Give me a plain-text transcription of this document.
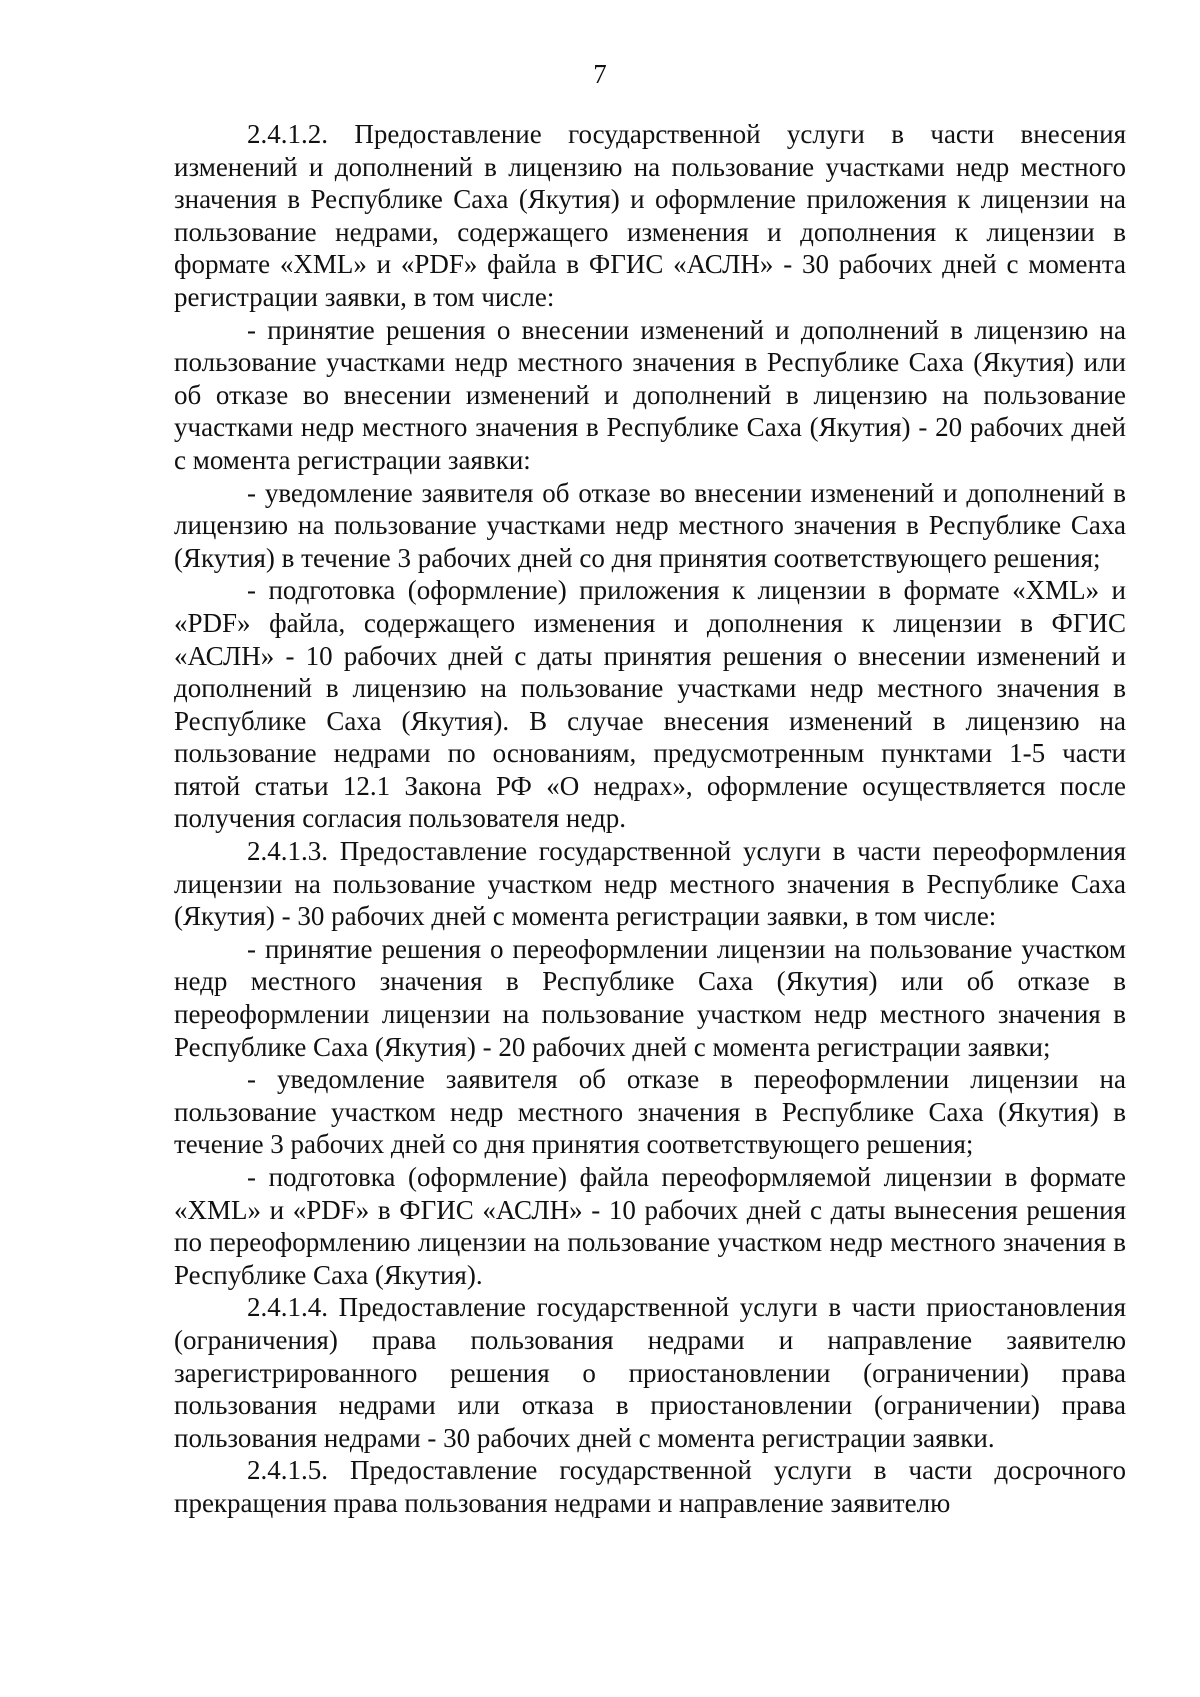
7

2.4.1.2. Предоставление государственной услуги в части внесения изменений и дополнений в лицензию на пользование участками недр местного значения в Республике Саха (Якутия) и оформление приложения к лицензии на пользование недрами, содержащего изменения и дополнения к лицензии в формате «XML» и «PDF» файла в ФГИС «АСЛН» - 30 рабочих дней с момента регистрации заявки, в том числе:

- принятие решения о внесении изменений и дополнений в лицензию на пользование участками недр местного значения в Республике Саха (Якутия) или об отказе во внесении изменений и дополнений в лицензию на пользование участками недр местного значения в Республике Саха (Якутия) - 20 рабочих дней с момента регистрации заявки:

- уведомление заявителя об отказе во внесении изменений и дополнений в лицензию на пользование участками недр местного значения в Республике Саха (Якутия) в течение 3 рабочих дней со дня принятия соответствующего решения;

- подготовка (оформление) приложения к лицензии в формате «XML» и «PDF» файла, содержащего изменения и дополнения к лицензии в ФГИС «АСЛН» - 10 рабочих дней с даты принятия решения о внесении изменений и дополнений в лицензию на пользование участками недр местного значения в Республике Саха (Якутия). В случае внесения изменений в лицензию на пользование недрами по основаниям, предусмотренным пунктами 1-5 части пятой статьи 12.1 Закона РФ «О недрах», оформление осуществляется после получения согласия пользователя недр.

2.4.1.3. Предоставление государственной услуги в части переоформления лицензии на пользование участком недр местного значения в Республике Саха (Якутия) - 30 рабочих дней с момента регистрации заявки, в том числе:

- принятие решения о переоформлении лицензии на пользование участком недр местного значения в Республике Саха (Якутия) или об отказе в переоформлении лицензии на пользование участком недр местного значения в Республике Саха (Якутия) - 20 рабочих дней с момента регистрации заявки;

- уведомление заявителя об отказе в переоформлении лицензии на пользование участком недр местного значения в Республике Саха (Якутия) в течение 3 рабочих дней со дня принятия соответствующего решения;

- подготовка (оформление) файла переоформляемой лицензии в формате «XML» и «PDF» в ФГИС «АСЛН» - 10 рабочих дней с даты вынесения решения по переоформлению лицензии на пользование участком недр местного значения в Республике Саха (Якутия).

2.4.1.4. Предоставление государственной услуги в части приостановления (ограничения) права пользования недрами и направление заявителю зарегистрированного решения о приостановлении (ограничении) права пользования недрами или отказа в приостановлении (ограничении) права пользования недрами - 30 рабочих дней с момента регистрации заявки.

2.4.1.5. Предоставление государственной услуги в части досрочного прекращения права пользования недрами и направление заявителю
